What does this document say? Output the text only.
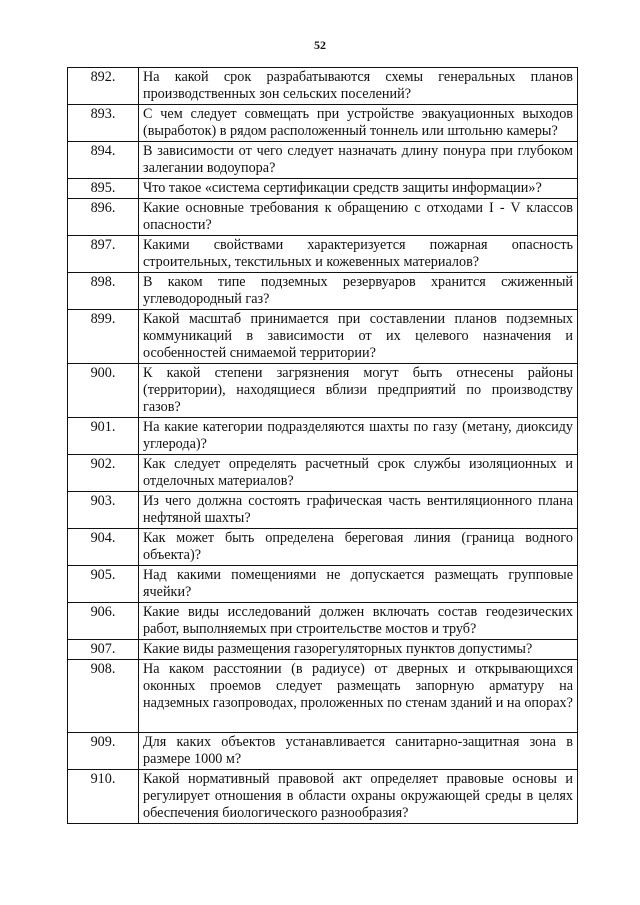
52
892.	На какой срок разрабатываются схемы генеральных планов производственных зон сельских поселений?
893.	С чем следует совмещать при устройстве эвакуационных выходов (выработок) в рядом расположенный тоннель или штольню камеры?
894.	В зависимости от чего следует назначать длину понура при глубоком залегании водоупора?
895.	Что такое «система сертификации средств защиты информации»?
896.	Какие основные требования к обращению с отходами I - V классов опасности?
897.	Какими свойствами характеризуется пожарная опасность строительных, текстильных и кожевенных материалов?
898.	В каком типе подземных резервуаров хранится сжиженный углеводородный газ?
899.	Какой масштаб принимается при составлении планов подземных коммуникаций в зависимости от их целевого назначения и особенностей снимаемой территории?
900.	К какой степени загрязнения могут быть отнесены районы (территории), находящиеся вблизи предприятий по производству газов?
901.	На какие категории подразделяются шахты по газу (метану, диоксиду углерода)?
902.	Как следует определять расчетный срок службы изоляционных и отделочных материалов?
903.	Из чего должна состоять графическая часть вентиляционного плана нефтяной шахты?
904.	Как может быть определена береговая линия (граница водного объекта)?
905.	Над какими помещениями не допускается размещать групповые ячейки?
906.	Какие виды исследований должен включать состав геодезических работ, выполняемых при строительстве мостов и труб?
907.	Какие виды размещения газорегуляторных пунктов допустимы?
908.	На каком расстоянии (в радиусе) от дверных и открывающихся оконных проемов следует размещать запорную арматуру на надземных газопроводах, проложенных по стенам зданий и на опорах?
909.	Для каких объектов устанавливается санитарно-защитная зона в размере 1000 м?
910.	Какой нормативный правовой акт определяет правовые основы и регулирует отношения в области охраны окружающей среды в целях обеспечения биологического разнообразия?
